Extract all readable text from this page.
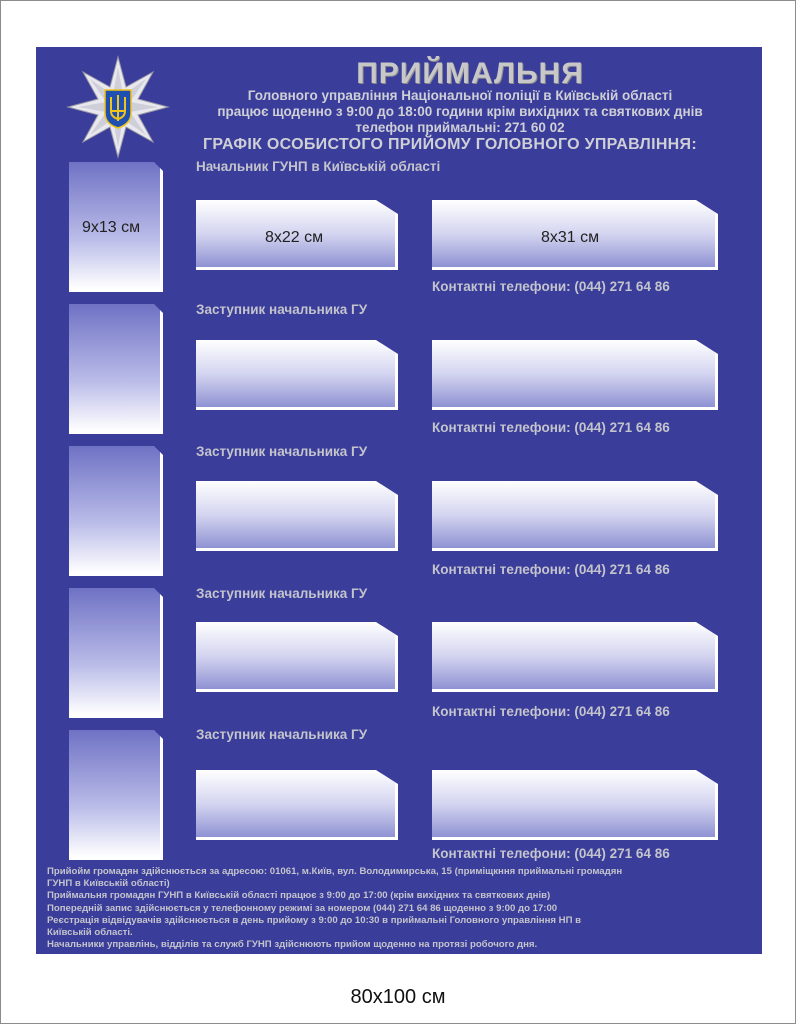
ПРИЙМАЛЬНЯ
Головного управління Національної поліції в Київській області
працює щоденно з 9:00 до 18:00 години крім вихідних та святкових днів
телефон приймальні: 271 60 02
ГРАФІК ОСОБИСТОГО ПРИЙОМУ ГОЛОВНОГО УПРАВЛІННЯ:
9x13 см
Начальник ГУНП в Київській області
8x22 см	8x31 см
Контактні телефони: (044) 271 64 86
Заступник начальника ГУ
Контактні телефони: (044) 271 64 86
Заступник начальника ГУ
Контактні телефони: (044) 271 64 86
Заступник начальника ГУ
Контактні телефони: (044) 271 64 86
Заступник начальника ГУ
Контактні телефони: (044) 271 64 86
Прийойм громадян здійснюється за адресою: 01061, м.Київ, вул. Володимирська, 15 (приміщкння приймальні громадян
ГУНП в Київській області)
Приймальня громадян ГУНП в Київській області працює з 9:00 до 17:00 (крім вихідних та святкових днів)
Попередній запис здійснюється у телефонному режимі за номером (044) 271 64 86 щоденно з 9:00 до 17:00
Реєстрація відвідувачів здійснюється в день прийому з 9:00 до 10:30 в приймальні Головного управління НП в
Київській області.
Начальники управлінь, відділів та служб ГУНП здійснюють прийом щоденно на протязі робочого дня.
80x100 см
